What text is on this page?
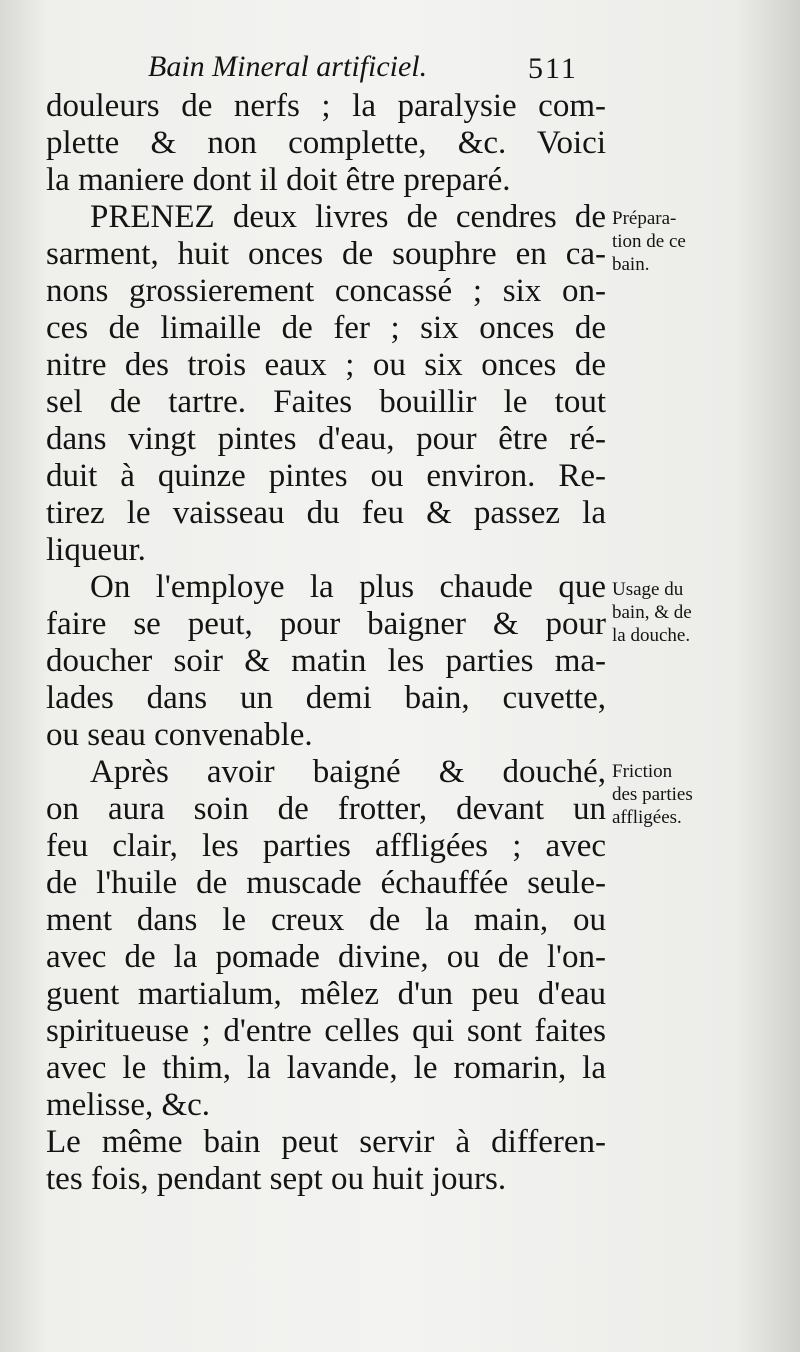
Bain Mineral artificiel.	511
douleurs de nerfs ; la paralysie com-
plette & non complette, &c. Voici
la maniere dont il doit être preparé.
PRENEZ deux livres de cendres de
sarment, huit onces de souphre en ca-
nons grossierement concassé ; six on-
ces de limaille de fer ; six onces de
nitre des trois eaux ; ou six onces de
sel de tartre. Faites bouillir le tout
dans vingt pintes d'eau, pour être ré-
duit à quinze pintes ou environ. Re-
tirez le vaisseau du feu & passez la
liqueur.
On l'employe la plus chaude que
faire se peut, pour baigner & pour
doucher soir & matin les parties ma-
lades dans un demi bain, cuvette,
ou seau convenable.
Après avoir baigné & douché,
on aura soin de frotter, devant un
feu clair, les parties affligées ; avec
de l'huile de muscade échauffée seule-
ment dans le creux de la main, ou
avec de la pomade divine, ou de l'on-
guent martialum, mêlez d'un peu d'eau
spiritueuse ; d'entre celles qui sont faites
avec le thim, la lavande, le romarin, la
melisse, &c.
Le même bain peut servir à differen-
tes fois, pendant sept ou huit jours.
Prépara-
tion de ce
bain.
Usage du
bain, & de
la douche.
Friction
des parties
affligées.
